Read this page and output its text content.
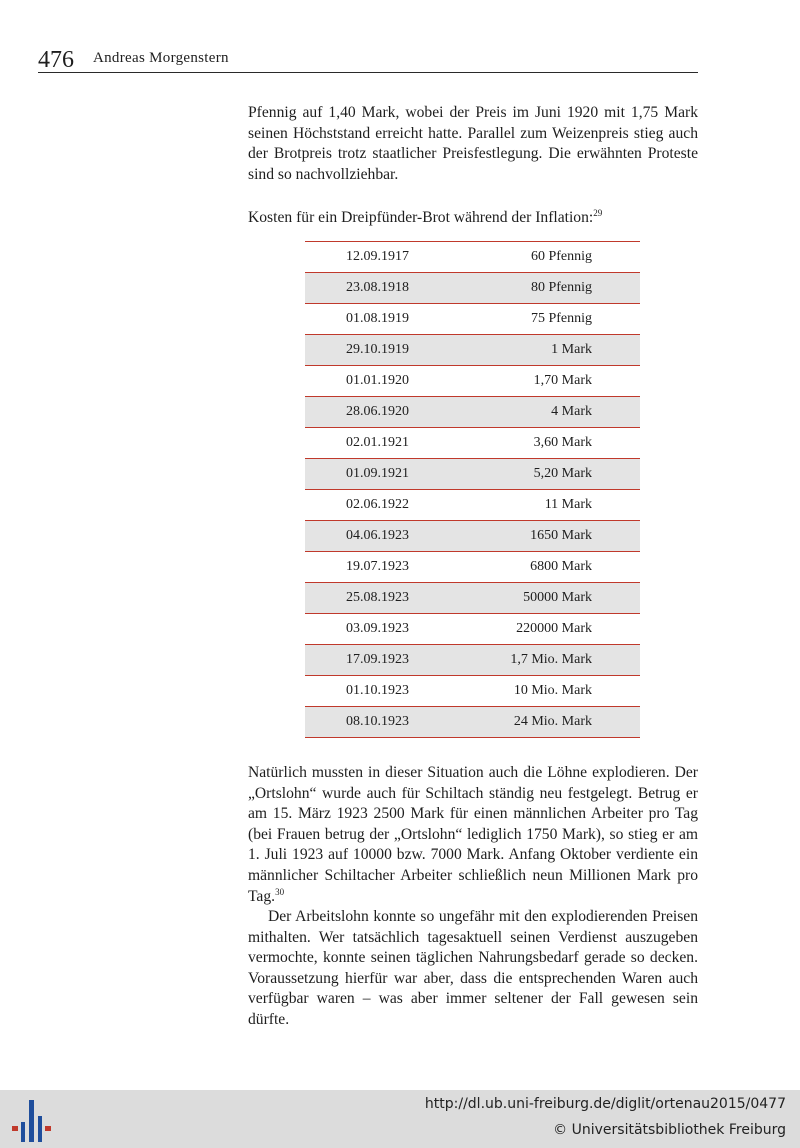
476 Andreas Morgenstern

Pfennig auf 1,40 Mark, wobei der Preis im Juni 1920 mit 1,75 Mark seinen Höchststand erreicht hatte. Parallel zum Weizenpreis stieg auch der Brotpreis trotz staatlicher Preisfestlegung. Die erwähnten Proteste sind so nachvollziehbar.

Kosten für ein Dreipfünder-Brot während der Inflation:$^{29}$

12.09.1917	60 Pfennig
23.08.1918	80 Pfennig
01.08.1919	75 Pfennig
29.10.1919	1 Mark
01.01.1920	1,70 Mark
28.06.1920	4 Mark
02.01.1921	3,60 Mark
01.09.1921	5,20 Mark
02.06.1922	11 Mark
04.06.1923	1650 Mark
19.07.1923	6800 Mark
25.08.1923	50000 Mark
03.09.1923	220000 Mark
17.09.1923	1,7 Mio. Mark
01.10.1923	10 Mio. Mark
08.10.1923	24 Mio. Mark

Natürlich mussten in dieser Situation auch die Löhne explodieren. Der „Ortslohn“ wurde auch für Schiltach ständig neu festgelegt. Betrug er am 15. März 1923 2500 Mark für einen männlichen Arbeiter pro Tag (bei Frauen betrug der „Ortslohn“ lediglich 1750 Mark), so stieg er am 1. Juli 1923 auf 10000 bzw. 7000 Mark. Anfang Oktober verdiente ein männlicher Schiltacher Arbeiter schließlich neun Millionen Mark pro Tag.$^{30}$

Der Arbeitslohn konnte so ungefähr mit den explodierenden Preisen mithalten. Wer tatsächlich tagesaktuell seinen Verdienst auszugeben vermochte, konnte seinen täglichen Nahrungsbedarf gerade so decken. Voraussetzung hierfür war aber, dass die entsprechenden Waren auch verfügbar waren – was aber immer seltener der Fall gewesen sein dürfte.

http://dl.ub.uni-freiburg.de/diglit/ortenau2015/0477
© Universitätsbibliothek Freiburg
